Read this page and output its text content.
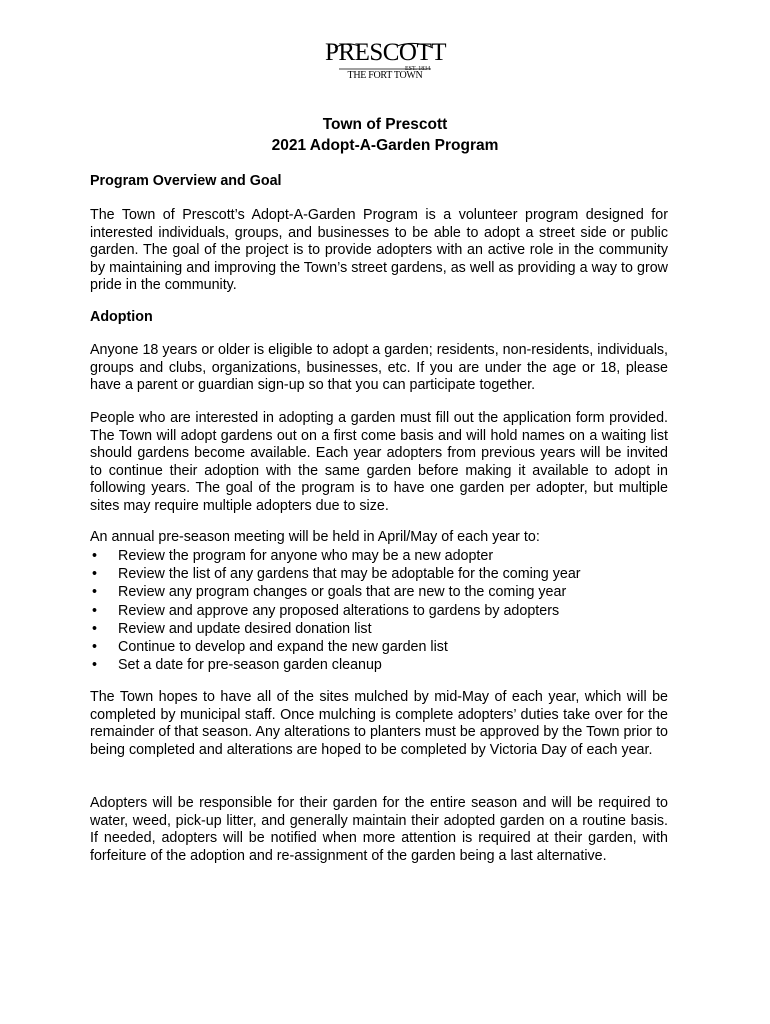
PRESCOTT
EST. 1834
THE FORT TOWN
Town of Prescott
2021 Adopt-A-Garden Program
Program Overview and Goal
The Town of Prescott’s Adopt-A-Garden Program is a volunteer program designed for interested individuals, groups, and businesses to be able to adopt a street side or public garden. The goal of the project is to provide adopters with an active role in the community by maintaining and improving the Town’s street gardens, as well as providing a way to grow pride in the community.
Adoption
Anyone 18 years or older is eligible to adopt a garden; residents, non-residents, individuals, groups and clubs, organizations, businesses, etc. If you are under the age or 18, please have a parent or guardian sign-up so that you can participate together.
People who are interested in adopting a garden must fill out the application form provided. The Town will adopt gardens out on a first come basis and will hold names on a waiting list should gardens become available. Each year adopters from previous years will be invited to continue their adoption with the same garden before making it available to adopt in following years. The goal of the program is to have one garden per adopter, but multiple sites may require multiple adopters due to size.
An annual pre-season meeting will be held in April/May of each year to:
• Review the program for anyone who may be a new adopter
• Review the list of any gardens that may be adoptable for the coming year
• Review any program changes or goals that are new to the coming year
• Review and approve any proposed alterations to gardens by adopters
• Review and update desired donation list
• Continue to develop and expand the new garden list
• Set a date for pre-season garden cleanup
The Town hopes to have all of the sites mulched by mid-May of each year, which will be completed by municipal staff. Once mulching is complete adopters’ duties take over for the remainder of that season. Any alterations to planters must be approved by the Town prior to being completed and alterations are hoped to be completed by Victoria Day of each year.
Adopters will be responsible for their garden for the entire season and will be required to water, weed, pick-up litter, and generally maintain their adopted garden on a routine basis. If needed, adopters will be notified when more attention is required at their garden, with forfeiture of the adoption and re-assignment of the garden being a last alternative.
